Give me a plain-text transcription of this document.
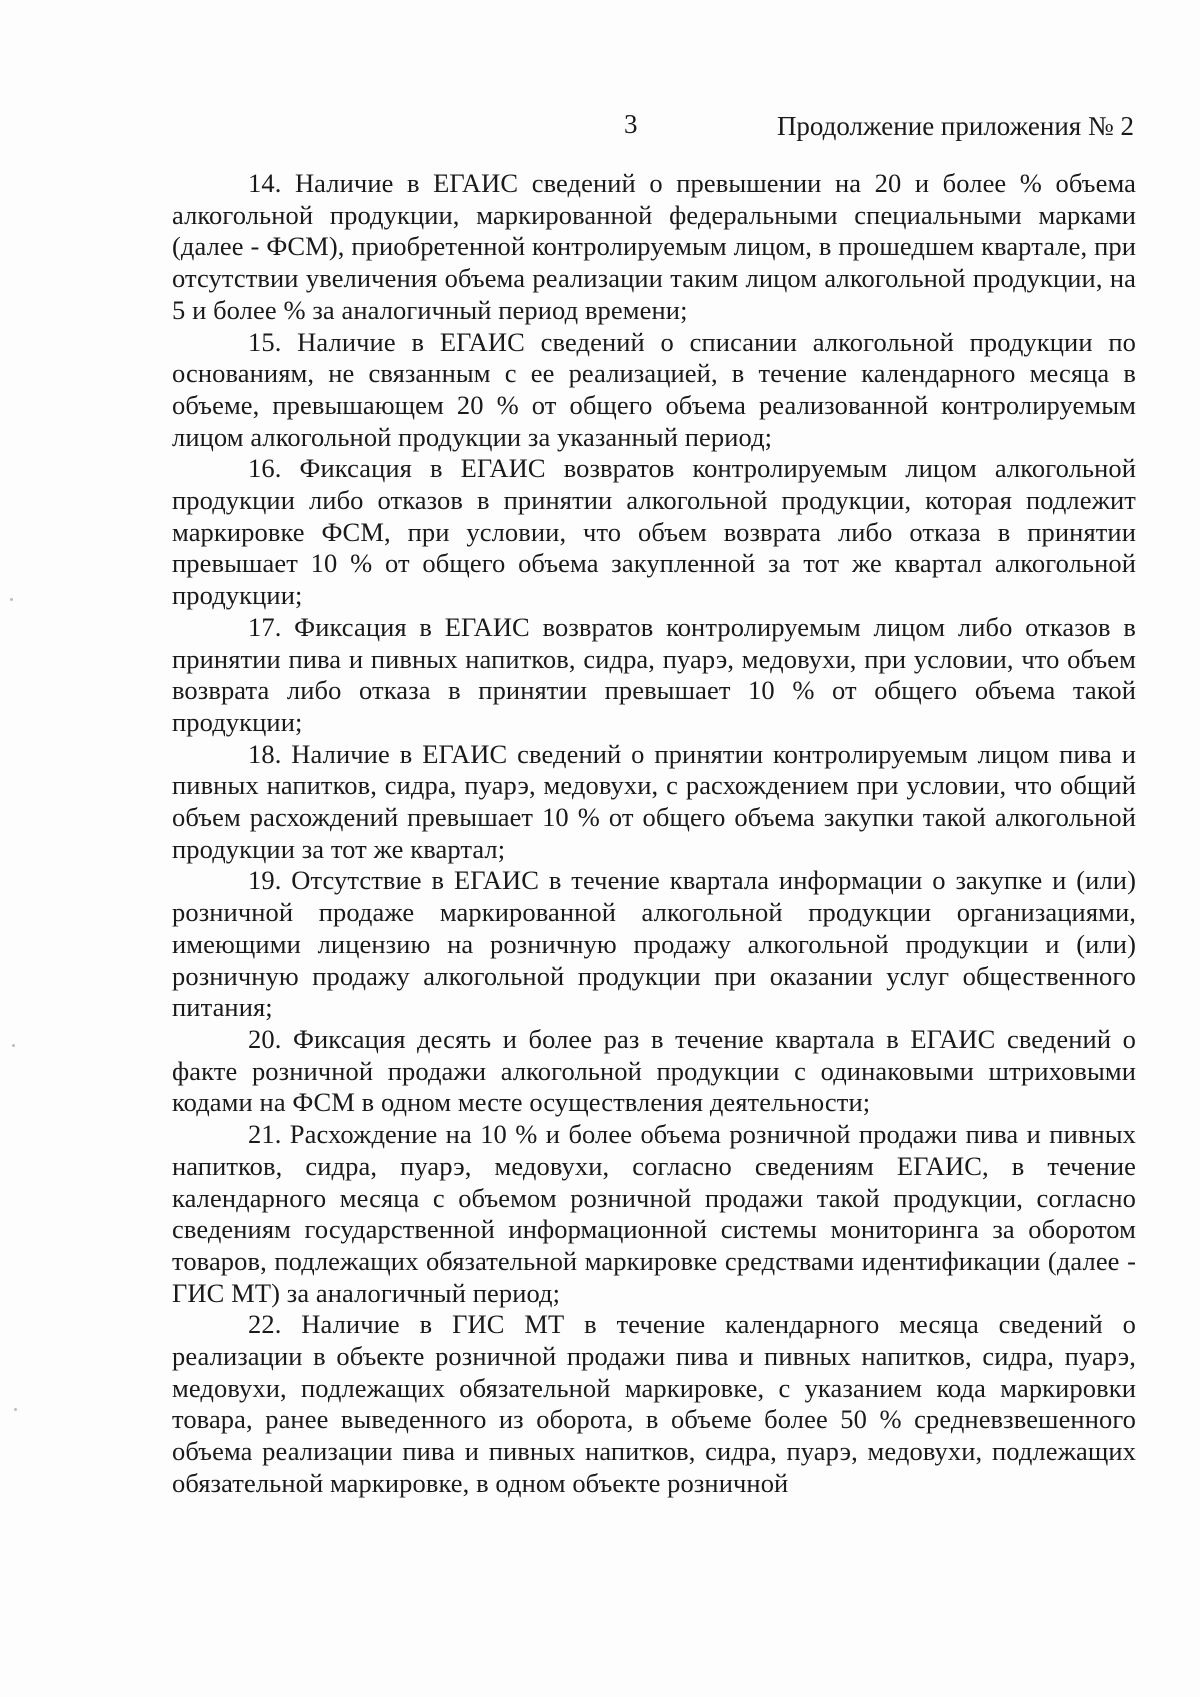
3	Продолжение приложения № 2

14. Наличие в ЕГАИС сведений о превышении на 20 и более % объема алкогольной продукции, маркированной федеральными специальными марками (далее - ФСМ), приобретенной контролируемым лицом, в прошедшем квартале, при отсутствии увеличения объема реализации таким лицом алкогольной продукции, на 5 и более % за аналогичный период времени;

15. Наличие в ЕГАИС сведений о списании алкогольной продукции по основаниям, не связанным с ее реализацией, в течение календарного месяца в объеме, превышающем 20 % от общего объема реализованной контролируемым лицом алкогольной продукции за указанный период;

16. Фиксация в ЕГАИС возвратов контролируемым лицом алкогольной продукции либо отказов в принятии алкогольной продукции, которая подлежит маркировке ФСМ, при условии, что объем возврата либо отказа в принятии превышает 10 % от общего объема закупленной за тот же квартал алкогольной продукции;

17. Фиксация в ЕГАИС возвратов контролируемым лицом либо отказов в принятии пива и пивных напитков, сидра, пуарэ, медовухи, при условии, что объем возврата либо отказа в принятии превышает 10 % от общего объема такой продукции;

18. Наличие в ЕГАИС сведений о принятии контролируемым лицом пива и пивных напитков, сидра, пуарэ, медовухи, с расхождением при условии, что общий объем расхождений превышает 10 % от общего объема закупки такой алкогольной продукции за тот же квартал;

19. Отсутствие в ЕГАИС в течение квартала информации о закупке и (или) розничной продаже маркированной алкогольной продукции организациями, имеющими лицензию на розничную продажу алкогольной продукции и (или) розничную продажу алкогольной продукции при оказании услуг общественного питания;

20. Фиксация десять и более раз в течение квартала в ЕГАИС сведений о факте розничной продажи алкогольной продукции с одинаковыми штриховыми кодами на ФСМ в одном месте осуществления деятельности;

21. Расхождение на 10 % и более объема розничной продажи пива и пивных напитков, сидра, пуарэ, медовухи, согласно сведениям ЕГАИС, в течение календарного месяца с объемом розничной продажи такой продукции, согласно сведениям государственной информационной системы мониторинга за оборотом товаров, подлежащих обязательной маркировке средствами идентификации (далее - ГИС МТ) за аналогичный период;

22. Наличие в ГИС МТ в течение календарного месяца сведений о реализации в объекте розничной продажи пива и пивных напитков, сидра, пуарэ, медовухи, подлежащих обязательной маркировке, с указанием кода маркировки товара, ранее выведенного из оборота, в объеме более 50 % средневзвешенного объема реализации пива и пивных напитков, сидра, пуарэ, медовухи, подлежащих обязательной маркировке, в одном объекте розничной
